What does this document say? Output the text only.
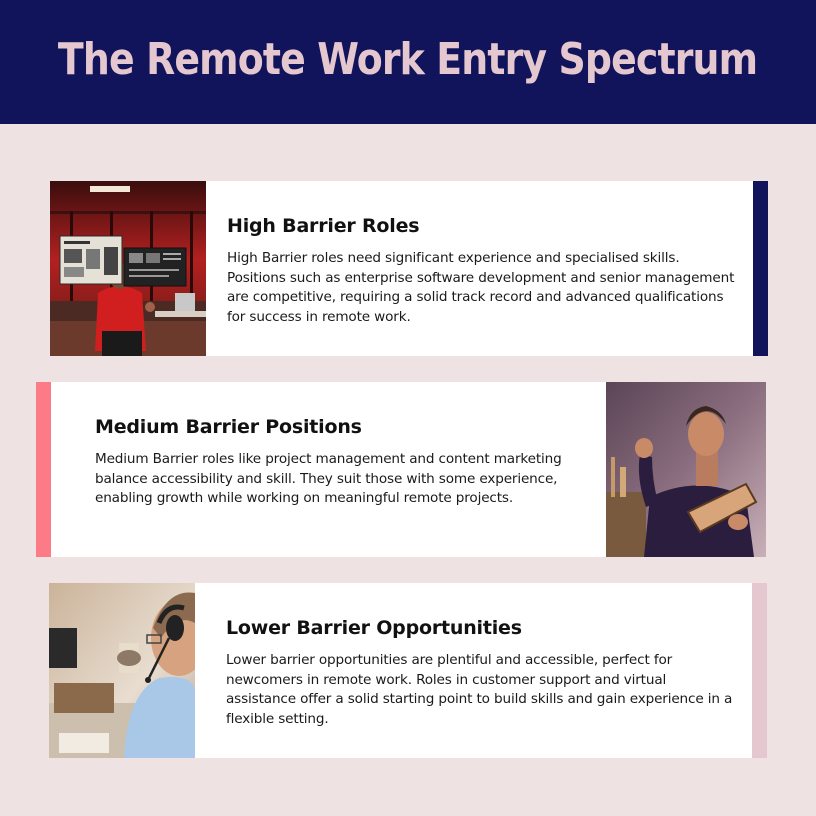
The Remote Work Entry Spectrum
High Barrier Roles

High Barrier roles need significant experience and specialised skills. Positions such as enterprise software development and senior management are competitive, requiring a solid track record and advanced qualifications for success in remote work.

Medium Barrier Positions

Medium Barrier roles like project management and content marketing balance accessibility and skill. They suit those with some experience, enabling growth while working on meaningful remote projects.

Lower Barrier Opportunities

Lower barrier opportunities are plentiful and accessible, perfect for newcomers in remote work. Roles in customer support and virtual assistance offer a solid starting point to build skills and gain experience in a flexible setting.
